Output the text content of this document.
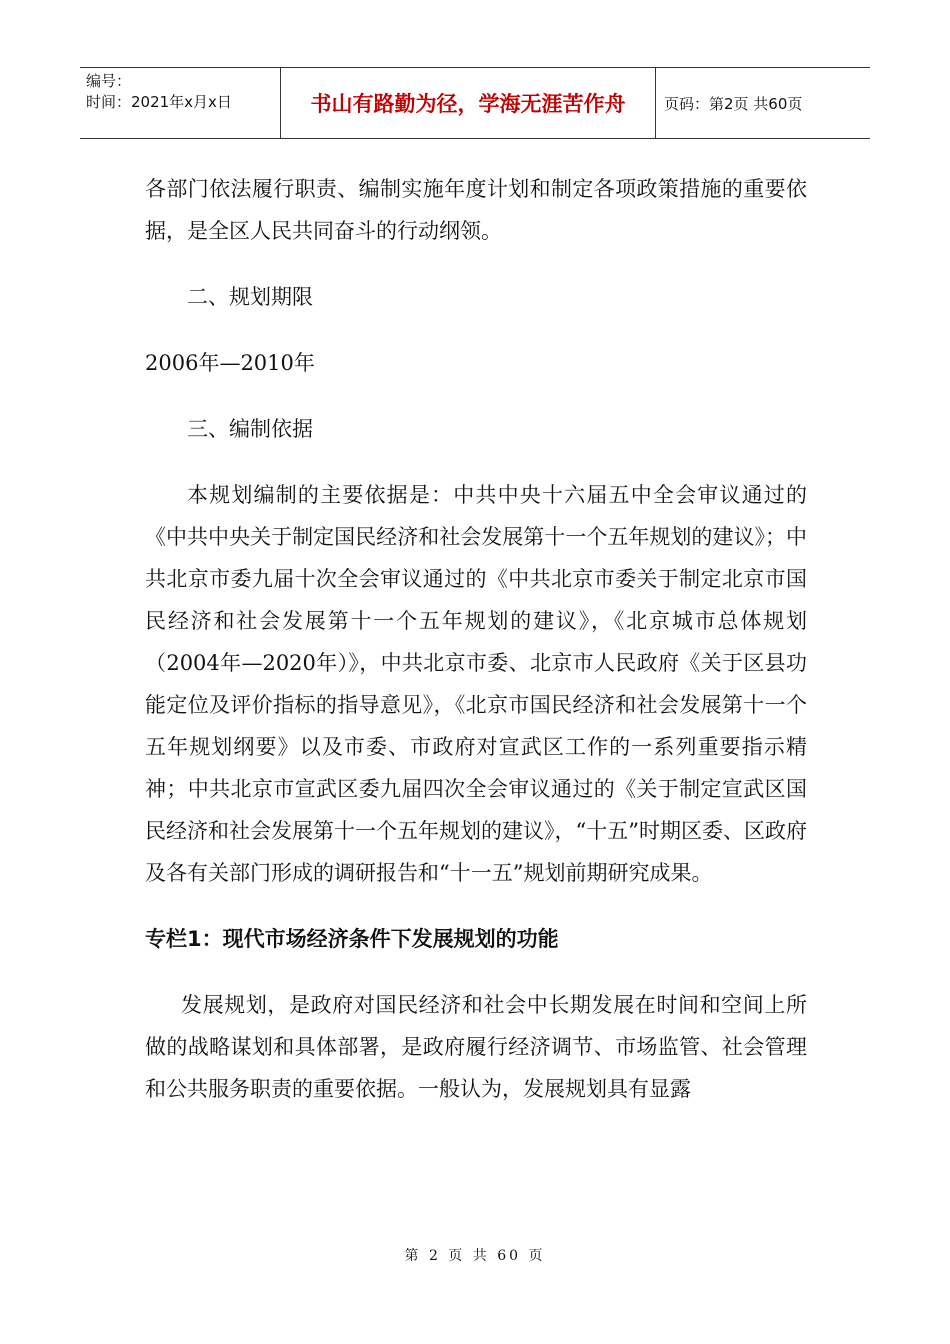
编号：
时间：2021年x月x日	书山有路勤为径，学海无涯苦作舟	页码：第2页 共60页

各部门依法履行职责、编制实施年度计划和制定各项政策措施的重要依据，是全区人民共同奋斗的行动纲领。

二、规划期限

2006年—2010年

三、编制依据

本规划编制的主要依据是：中共中央十六届五中全会审议通过的《中共中央关于制定国民经济和社会发展第十一个五年规划的建议》；中共北京市委九届十次全会审议通过的《中共北京市委关于制定北京市国民经济和社会发展第十一个五年规划的建议》，《北京城市总体规划（2004年—2020年）》，中共北京市委、北京市人民政府《关于区县功能定位及评价指标的指导意见》，《北京市国民经济和社会发展第十一个五年规划纲要》以及市委、市政府对宣武区工作的一系列重要指示精神；中共北京市宣武区委九届四次全会审议通过的《关于制定宣武区国民经济和社会发展第十一个五年规划的建议》，“十五”时期区委、区政府及各有关部门形成的调研报告和“十一五”规划前期研究成果。

专栏1：现代市场经济条件下发展规划的功能

发展规划，是政府对国民经济和社会中长期发展在时间和空间上所做的战略谋划和具体部署，是政府履行经济调节、市场监管、社会管理和公共服务职责的重要依据。一般认为，发展规划具有显露

第 2 页 共 60 页
